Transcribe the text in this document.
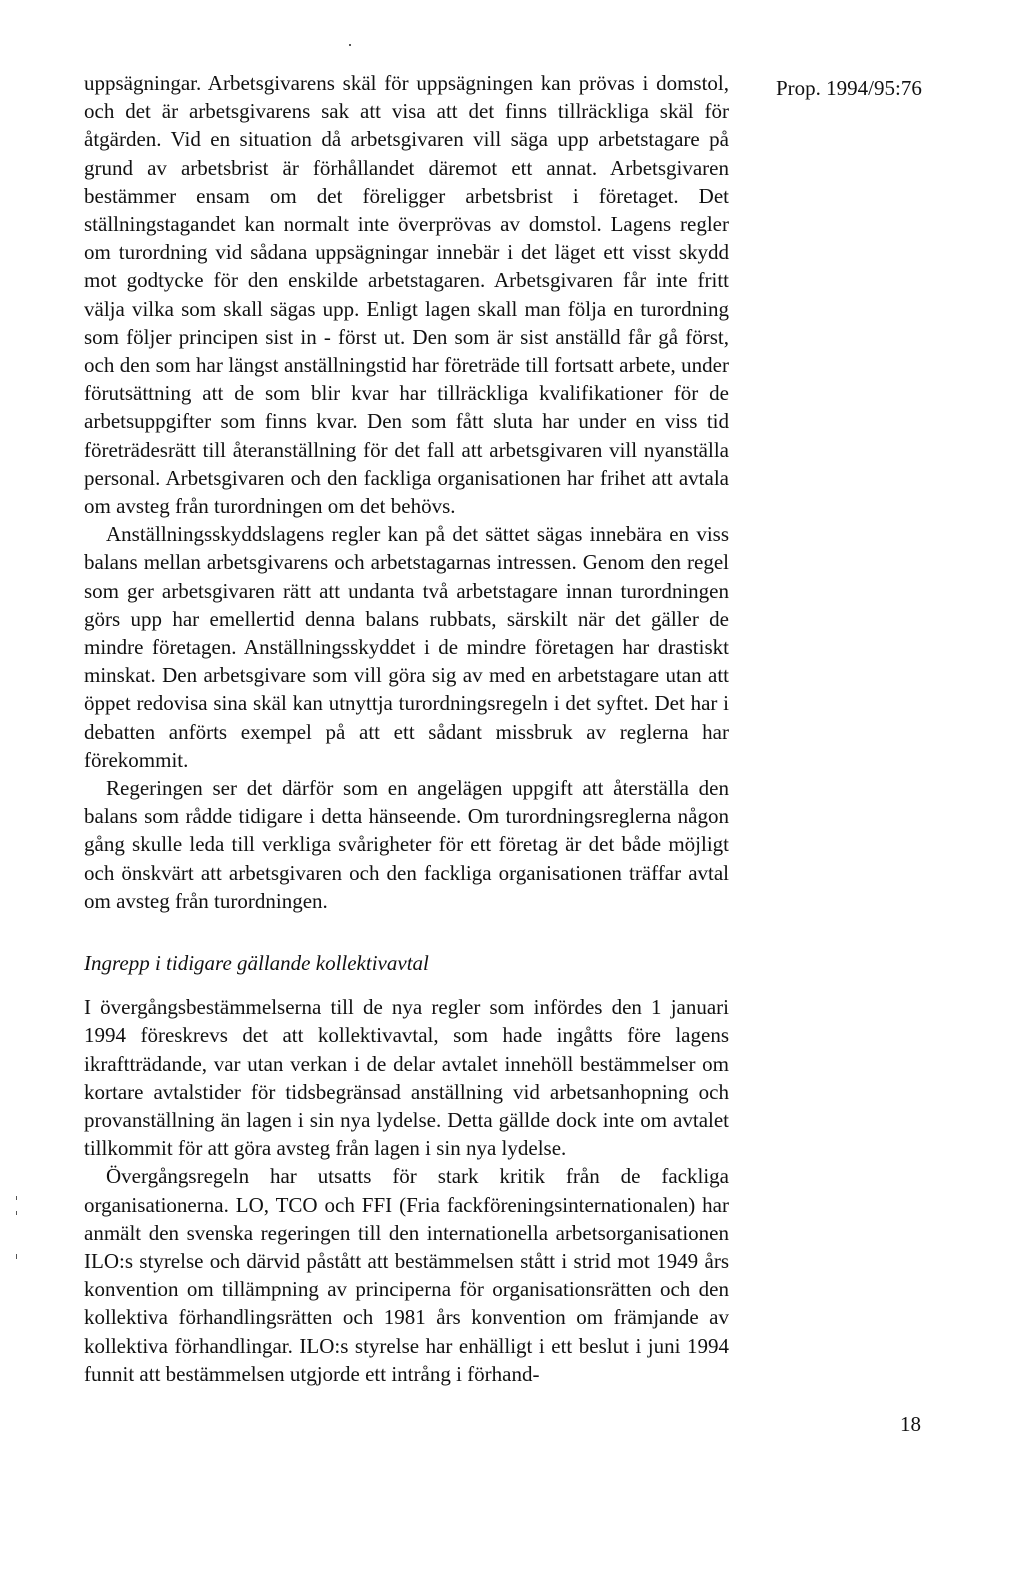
Prop. 1994/95:76

uppsägningar. Arbetsgivarens skäl för uppsägningen kan prövas i domstol, och det är arbetsgivarens sak att visa att det finns tillräckliga skäl för åtgärden. Vid en situation då arbetsgivaren vill säga upp arbetstagare på grund av arbetsbrist är förhållandet däremot ett annat. Arbetsgivaren bestämmer ensam om det föreligger arbetsbrist i företaget. Det ställningstagandet kan normalt inte överprövas av domstol. Lagens regler om turordning vid sådana uppsägningar innebär i det läget ett visst skydd mot godtycke för den enskilde arbetstagaren. Arbetsgivaren får inte fritt välja vilka som skall sägas upp. Enligt lagen skall man följa en turordning som följer principen sist in - först ut. Den som är sist anställd får gå först, och den som har längst anställningstid har företräde till fortsatt arbete, under förutsättning att de som blir kvar har tillräckliga kvalifikationer för de arbetsuppgifter som finns kvar. Den som fått sluta har under en viss tid företrädesrätt till återanställning för det fall att arbetsgivaren vill nyanställa personal. Arbetsgivaren och den fackliga organisationen har frihet att avtala om avsteg från turordningen om det behövs.

Anställningsskyddslagens regler kan på det sättet sägas innebära en viss balans mellan arbetsgivarens och arbetstagarnas intressen. Genom den regel som ger arbetsgivaren rätt att undanta två arbetstagare innan turordningen görs upp har emellertid denna balans rubbats, särskilt när det gäller de mindre företagen. Anställningsskyddet i de mindre företagen har drastiskt minskat. Den arbetsgivare som vill göra sig av med en arbetstagare utan att öppet redovisa sina skäl kan utnyttja turordningsregeln i det syftet. Det har i debatten anförts exempel på att ett sådant missbruk av reglerna har förekommit.

Regeringen ser det därför som en angelägen uppgift att återställa den balans som rådde tidigare i detta hänseende. Om turordningsreglerna någon gång skulle leda till verkliga svårigheter för ett företag är det både möjligt och önskvärt att arbetsgivaren och den fackliga organisationen träffar avtal om avsteg från turordningen.

Ingrepp i tidigare gällande kollektivavtal

I övergångsbestämmelserna till de nya regler som infördes den 1 januari 1994 föreskrevs det att kollektivavtal, som hade ingåtts före lagens ikraftträdande, var utan verkan i de delar avtalet innehöll bestämmelser om kortare avtalstider för tidsbegränsad anställning vid arbetsanhopning och provanställning än lagen i sin nya lydelse. Detta gällde dock inte om avtalet tillkommit för att göra avsteg från lagen i sin nya lydelse.

Övergångsregeln har utsatts för stark kritik från de fackliga organisationerna. LO, TCO och FFI (Fria fackföreningsinternationalen) har anmält den svenska regeringen till den internationella arbetsorganisationen ILO:s styrelse och därvid påstått att bestämmelsen stått i strid mot 1949 års konvention om tillämpning av principerna för organisationsrätten och den kollektiva förhandlingsrätten och 1981 års konvention om främjande av kollektiva förhandlingar. ILO:s styrelse har enhälligt i ett beslut i juni 1994 funnit att bestämmelsen utgjorde ett intrång i förhand-

18
